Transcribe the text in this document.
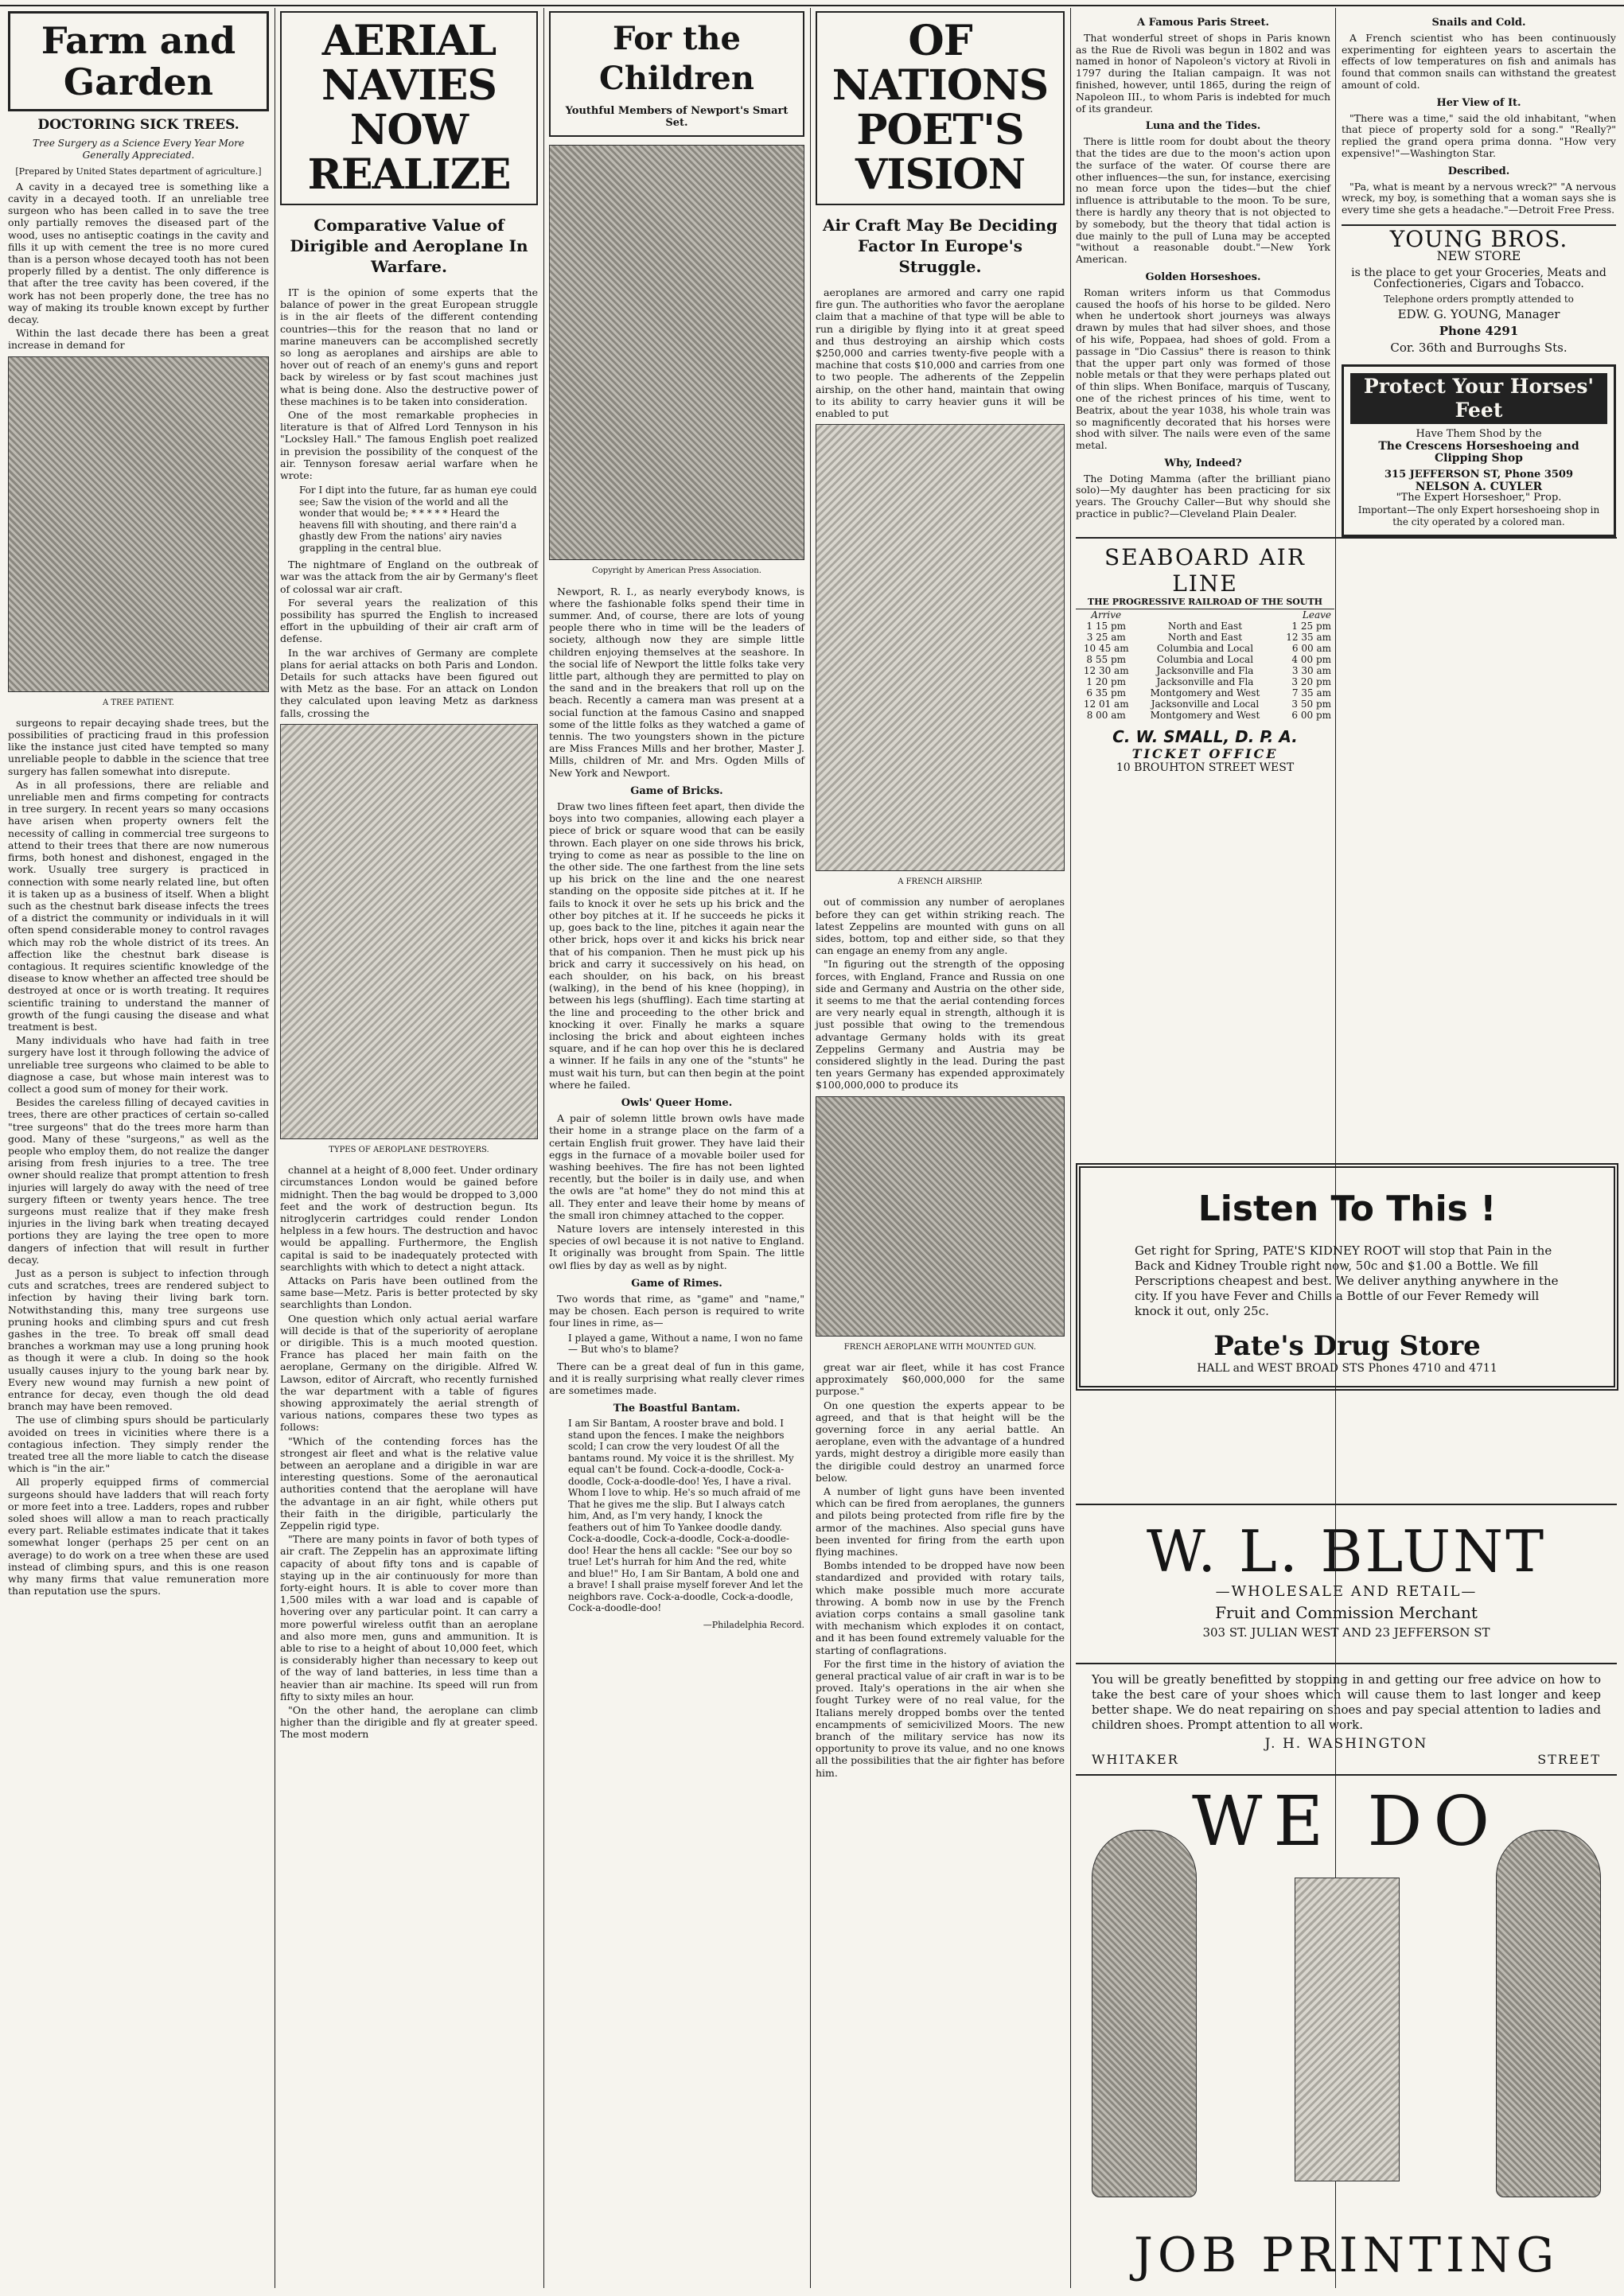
Farm and Garden
DOCTORING SICK TREES.
Tree Surgery as a Science Every Year More Generally Appreciated.
[Prepared by United States department of agriculture.]

A cavity in a decayed tree is something like a cavity in a decayed tooth. If an unreliable tree surgeon who has been called in to save the tree only partially removes the diseased part of the wood, uses no antiseptic coatings in the cavity and fills it up with cement the tree is no more cured than is a person whose decayed tooth has not been properly filled by a dentist. The only difference is that after the tree cavity has been covered, if the work has not been properly done, the tree has no way of making its trouble known except by further decay.

Within the last decade there has been a great increase in demand for

A TREE PATIENT.

surgeons to repair decaying shade trees, but the possibilities of practicing fraud in this profession like the instance just cited have tempted so many unreliable people to dabble in the science that tree surgery has fallen somewhat into disrepute.

As in all professions, there are reliable and unreliable men and firms competing for contracts in tree surgery. In recent years so many occasions have arisen when property owners felt the necessity of calling in commercial tree surgeons to attend to their trees that there are now numerous firms, both honest and dishonest, engaged in the work. Usually tree surgery is practiced in connection with some nearly related line, but often it is taken up as a business of itself. When a blight such as the chestnut bark disease infects the trees of a district the community or individuals in it will often spend considerable money to control ravages which may rob the whole district of its trees. An affection like the chestnut bark disease is contagious. It requires scientific knowledge of the disease to know whether an affected tree should be destroyed at once or is worth treating. It requires scientific training to understand the manner of growth of the fungi causing the disease and what treatment is best.

Many individuals who have had faith in tree surgery have lost it through following the advice of unreliable tree surgeons who claimed to be able to diagnose a case, but whose main interest was to collect a good sum of money for their work.

Besides the careless filling of decayed cavities in trees, there are other practices of certain so-called "tree surgeons" that do the trees more harm than good. Many of these "surgeons," as well as the people who employ them, do not realize the danger arising from fresh injuries to a tree. The tree owner should realize that prompt attention to fresh injuries will largely do away with the need of tree surgery fifteen or twenty years hence. The tree surgeons must realize that if they make fresh injuries in the living bark when treating decayed portions they are laying the tree open to more dangers of infection that will result in further decay.

Just as a person is subject to infection through cuts and scratches, trees are rendered subject to infection by having their living bark torn. Notwithstanding this, many tree surgeons use pruning hooks and climbing spurs and cut fresh gashes in the tree. To break off small dead branches a workman may use a long pruning hook as though it were a club. In doing so the hook usually causes injury to the young bark near by. Every new wound may furnish a new point of entrance for decay, even though the old dead branch may have been removed.

The use of climbing spurs should be particularly avoided on trees in vicinities where there is a contagious infection. They simply render the treated tree all the more liable to catch the disease which is "in the air."

All properly equipped firms of commercial surgeons should have ladders that will reach forty or more feet into a tree. Ladders, ropes and rubber soled shoes will allow a man to reach practically every part. Reliable estimates indicate that it takes somewhat longer (perhaps 25 per cent on an average) to do work on a tree when these are used instead of climbing spurs, and this is one reason why many firms that value remuneration more than reputation use the spurs.

AERIAL NAVIES
NOW REALIZE
Comparative Value of Dirigible and Aeroplane In Warfare.

IT is the opinion of some experts that the balance of power in the great European struggle is in the air fleets of the different contending countries—this for the reason that no land or marine maneuvers can be accomplished secretly so long as aeroplanes and airships are able to hover out of reach of an enemy's guns and report back by wireless or by fast scout machines just what is being done. Also the destructive power of these machines is to be taken into consideration.

One of the most remarkable prophecies in literature is that of Alfred Lord Tennyson in his "Locksley Hall." The famous English poet realized in prevision the possibility of the conquest of the air. Tennyson foresaw aerial warfare when he wrote:

For I dipt into the future, far as human eye could see; Saw the vision of the world and all the wonder that would be; * * * * * Heard the heavens fill with shouting, and there rain'd a ghastly dew From the nations' airy navies grappling in the central blue.

The nightmare of England on the outbreak of war was the attack from the air by Germany's fleet of colossal war air craft.

For several years the realization of this possibility has spurred the English to increased effort in the upbuilding of their air craft arm of defense.

In the war archives of Germany are complete plans for aerial attacks on both Paris and London. Details for such attacks have been figured out with Metz as the base. For an attack on London they calculated upon leaving Metz as darkness falls, crossing the

TYPES OF AEROPLANE DESTROYERS.

channel at a height of 8,000 feet. Under ordinary circumstances London would be gained before midnight. Then the bag would be dropped to 3,000 feet and the work of destruction begun. Its nitroglycerin cartridges could render London helpless in a few hours. The destruction and havoc would be appalling. Furthermore, the English capital is said to be inadequately protected with searchlights with which to detect a night attack.

Attacks on Paris have been outlined from the same base—Metz. Paris is better protected by sky searchlights than London.

One question which only actual aerial warfare will decide is that of the superiority of aeroplane or dirigible. This is a much mooted question. France has placed her main faith on the aeroplane, Germany on the dirigible. Alfred W. Lawson, editor of Aircraft, who recently furnished the war department with a table of figures showing approximately the aerial strength of various nations, compares these two types as follows:

"Which of the contending forces has the strongest air fleet and what is the relative value between an aeroplane and a dirigible in war are interesting questions. Some of the aeronautical authorities contend that the aeroplane will have the advantage in an air fight, while others put their faith in the dirigible, particularly the Zeppelin rigid type.

"There are many points in favor of both types of air craft. The Zeppelin has an approximate lifting capacity of about fifty tons and is capable of staying up in the air continuously for more than forty-eight hours. It is able to cover more than 1,500 miles with a war load and is capable of hovering over any particular point. It can carry a more powerful wireless outfit than an aeroplane and also more men, guns and ammunition. It is able to rise to a height of about 10,000 feet, which is considerably higher than necessary to keep out of the way of land batteries, in less time than a heavier than air machine. Its speed will run from fifty to sixty miles an hour.

"On the other hand, the aeroplane can climb higher than the dirigible and fly at greater speed. The most modern

For the Children
Youthful Members of Newport's Smart Set.
Copyright by American Press Association.

Newport, R. I., as nearly everybody knows, is where the fashionable folks spend their time in summer. And, of course, there are lots of young people there who in time will be the leaders of society, although now they are simple little children enjoying themselves at the seashore. In the social life of Newport the little folks take very little part, although they are permitted to play on the sand and in the breakers that roll up on the beach. Recently a camera man was present at a social function at the famous Casino and snapped some of the little folks as they watched a game of tennis. The two youngsters shown in the picture are Miss Frances Mills and her brother, Master J. Mills, children of Mr. and Mrs. Ogden Mills of New York and Newport.

Game of Bricks.

Draw two lines fifteen feet apart, then divide the boys into two companies, allowing each player a piece of brick or square wood that can be easily thrown. Each player on one side throws his brick, trying to come as near as possible to the line on the other side. The one farthest from the line sets up his brick on the line and the one nearest standing on the opposite side pitches at it. If he fails to knock it over he sets up his brick and the other boy pitches at it. If he succeeds he picks it up, goes back to the line, pitches it again near the other brick, hops over it and kicks his brick near that of his companion. Then he must pick up his brick and carry it successively on his head, on each shoulder, on his back, on his breast (walking), in the bend of his knee (hopping), in between his legs (shuffling). Each time starting at the line and proceeding to the other brick and knocking it over. Finally he marks a square inclosing the brick and about eighteen inches square, and if he can hop over this he is declared a winner. If he fails in any one of the "stunts" he must wait his turn, but can then begin at the point where he failed.

Owls' Queer Home.

A pair of solemn little brown owls have made their home in a strange place on the farm of a certain English fruit grower. They have laid their eggs in the furnace of a movable boiler used for washing beehives. The fire has not been lighted recently, but the boiler is in daily use, and when the owls are "at home" they do not mind this at all. They enter and leave their home by means of the small iron chimney attached to the copper.

Nature lovers are intensely interested in this species of owl because it is not native to England. It originally was brought from Spain. The little owl flies by day as well as by night.

Game of Rimes.

Two words that rime, as "game" and "name," may be chosen. Each person is required to write four lines in rime, as—

I played a game, Without a name, I won no fame— But who's to blame?

There can be a great deal of fun in this game, and it is really surprising what really clever rimes are sometimes made.

The Boastful Bantam.
I am Sir Bantam, A rooster brave and bold. I stand upon the fences. I make the neighbors scold; I can crow the very loudest Of all the bantams round. My voice it is the shrillest. My equal can't be found. Cock-a-doodle, Cock-a-doodle, Cock-a-doodle-doo! Yes, I have a rival. Whom I love to whip. He's so much afraid of me That he gives me the slip. But I always catch him, And, as I'm very handy, I knock the feathers out of him To Yankee doodle dandy. Cock-a-doodle, Cock-a-doodle, Cock-a-doodle-doo! Hear the hens all cackle: "See our boy so true! Let's hurrah for him And the red, white and blue!" Ho, I am Sir Bantam, A bold one and a brave! I shall praise myself forever And let the neighbors rave. Cock-a-doodle, Cock-a-doodle, Cock-a-doodle-doo!
—Philadelphia Record.
OF NATIONS
POET'S VISION
Air Craft May Be Deciding Factor In Europe's Struggle.

aeroplanes are armored and carry one rapid fire gun. The authorities who favor the aeroplane claim that a machine of that type will be able to run a dirigible by flying into it at great speed and thus destroying an airship which costs $250,000 and carries twenty-five people with a machine that costs $10,000 and carries from one to two people. The adherents of the Zeppelin airship, on the other hand, maintain that owing to its ability to carry heavier guns it will be enabled to put

A FRENCH AIRSHIP.

out of commission any number of aeroplanes before they can get within striking reach. The latest Zeppelins are mounted with guns on all sides, bottom, top and either side, so that they can engage an enemy from any angle.

"In figuring out the strength of the opposing forces, with England, France and Russia on one side and Germany and Austria on the other side, it seems to me that the aerial contending forces are very nearly equal in strength, although it is just possible that owing to the tremendous advantage Germany holds with its great Zeppelins Germany and Austria may be considered slightly in the lead. During the past ten years Germany has expended approximately $100,000,000 to produce its

FRENCH AEROPLANE WITH MOUNTED GUN.

great war air fleet, while it has cost France approximately $60,000,000 for the same purpose."

On one question the experts appear to be agreed, and that is that height will be the governing force in any aerial battle. An aeroplane, even with the advantage of a hundred yards, might destroy a dirigible more easily than the dirigible could destroy an unarmed force below.

A number of light guns have been invented which can be fired from aeroplanes, the gunners and pilots being protected from rifle fire by the armor of the machines. Also special guns have been invented for firing from the earth upon flying machines.

Bombs intended to be dropped have now been standardized and provided with rotary tails, which make possible much more accurate throwing. A bomb now in use by the French aviation corps contains a small gasoline tank with mechanism which explodes it on contact, and it has been found extremely valuable for the starting of conflagrations.

For the first time in the history of aviation the general practical value of air craft in war is to be proved. Italy's operations in the air when she fought Turkey were of no real value, for the Italians merely dropped bombs over the tented encampments of semicivilized Moors. The new branch of the military service has now its opportunity to prove its value, and no one knows all the possibilities that the air fighter has before him.

A Famous Paris Street.

That wonderful street of shops in Paris known as the Rue de Rivoli was begun in 1802 and was named in honor of Napoleon's victory at Rivoli in 1797 during the Italian campaign. It was not finished, however, until 1865, during the reign of Napoleon III., to whom Paris is indebted for much of its grandeur.

Luna and the Tides.

There is little room for doubt about the theory that the tides are due to the moon's action upon the surface of the water. Of course there are other influences—the sun, for instance, exercising no mean force upon the tides—but the chief influence is attributable to the moon. To be sure, there is hardly any theory that is not objected to by somebody, but the theory that tidal action is due mainly to the pull of Luna may be accepted "without a reasonable doubt."—New York American.

Golden Horseshoes.

Roman writers inform us that Commodus caused the hoofs of his horse to be gilded. Nero when he undertook short journeys was always drawn by mules that had silver shoes, and those of his wife, Poppaea, had shoes of gold. From a passage in "Dio Cassius" there is reason to think that the upper part only was formed of those noble metals or that they were perhaps plated out of thin slips. When Boniface, marquis of Tuscany, one of the richest princes of his time, went to Beatrix, about the year 1038, his whole train was so magnificently decorated that his horses were shod with silver. The nails were even of the same metal.

Why, Indeed?

The Doting Mamma (after the brilliant piano solo)—My daughter has been practicing for six years. The Grouchy Caller—But why should she practice in public?—Cleveland Plain Dealer.

Snails and Cold.

A French scientist who has been continuously experimenting for eighteen years to ascertain the effects of low temperatures on fish and animals has found that common snails can withstand the greatest amount of cold.

Her View of It.

"There was a time," said the old inhabitant, "when that piece of property sold for a song." "Really?" replied the grand opera prima donna. "How very expensive!"—Washington Star.

Described.

"Pa, what is meant by a nervous wreck?" "A nervous wreck, my boy, is something that a woman says she is every time she gets a headache."—Detroit Free Press.

YOUNG BROS.
NEW STORE
is the place to get your Groceries, Meats and Confectioneries, Cigars and Tobacco.
Telephone orders promptly attended to
EDW. G. YOUNG, Manager
Phone 4291
Cor. 36th and Burroughs Sts.
Protect Your Horses' Feet
Have Them Shod by the
The Crescens Horseshoeing and Clipping Shop
315 JEFFERSON ST, Phone 3509
NELSON A. CUYLER
"The Expert Horseshoer," Prop.
Important—The only Expert horseshoeing shop in the city operated by a colored man.
SEABOARD AIR LINE
THE PROGRESSIVE RAILROAD OF THE SOUTH
Arrive		Leave
1 15 pm	North and East	1 25 pm
3 25 am	North and East	12 35 am
10 45 am	Columbia and Local	6 00 am
8 55 pm	Columbia and Local	4 00 pm
12 30 am	Jacksonville and Fla	3 30 am
1 20 pm	Jacksonville and Fla	3 20 pm
6 35 pm	Montgomery and West	7 35 am
12 01 am	Jacksonville and Local	3 50 pm
8 00 am	Montgomery and West	6 00 pm
C. W. SMALL, D. P. A.
TICKET OFFICE
10 BROUHTON STREET WEST
Listen To This !
Get right for Spring, PATE'S KIDNEY ROOT will stop that Pain in the Back and Kidney Trouble right now, 50c and $1.00 a Bottle. We fill Perscriptions cheapest and best. We deliver anything anywhere in the city. If you have Fever and Chills a Bottle of our Fever Remedy will knock it out, only 25c.
Pate's Drug Store
HALL and WEST BROAD STS Phones 4710 and 4711
W. L. BLUNT
—WHOLESALE AND RETAIL—
Fruit and Commission Merchant
303 ST. JULIAN WEST AND 23 JEFFERSON ST
You will be greatly benefitted by stopping in and getting our free advice on how to take the best care of your shoes which will cause them to last longer and keep better shape. We do neat repairing on shoes and pay special attention to ladies and children shoes. Prompt attention to all work.
J. H. WASHINGTON
WHITAKER	STREET
WE DO
JOB PRINTING
